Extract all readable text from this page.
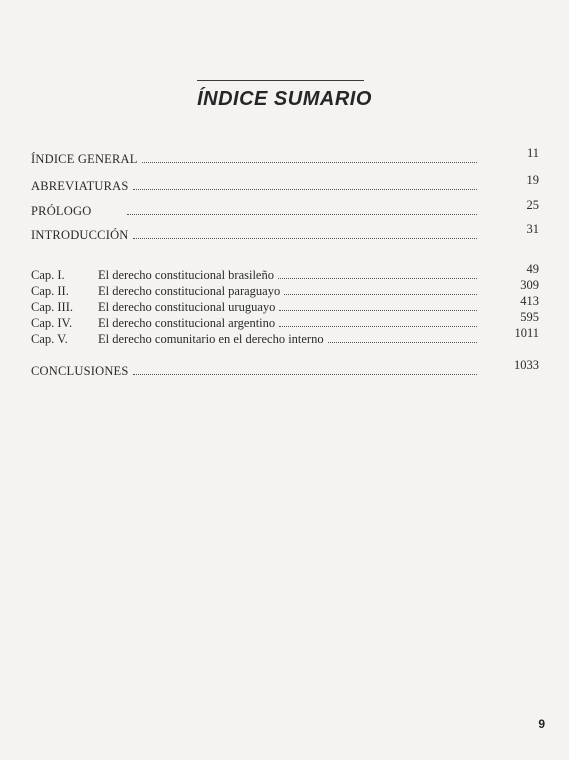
ÍNDICE SUMARIO
ÍNDICE GENERAL	11
ABREVIATURAS	19
PRÓLOGO	25
INTRODUCCIÓN	31
Cap. I.	El derecho constitucional brasileño	49
Cap. II.	El derecho constitucional paraguayo	309
Cap. III.	El derecho constitucional uruguayo	413
Cap. IV.	El derecho constitucional argentino	595
Cap. V.	El derecho comunitario en el derecho interno	1011
CONCLUSIONES	1033
9
